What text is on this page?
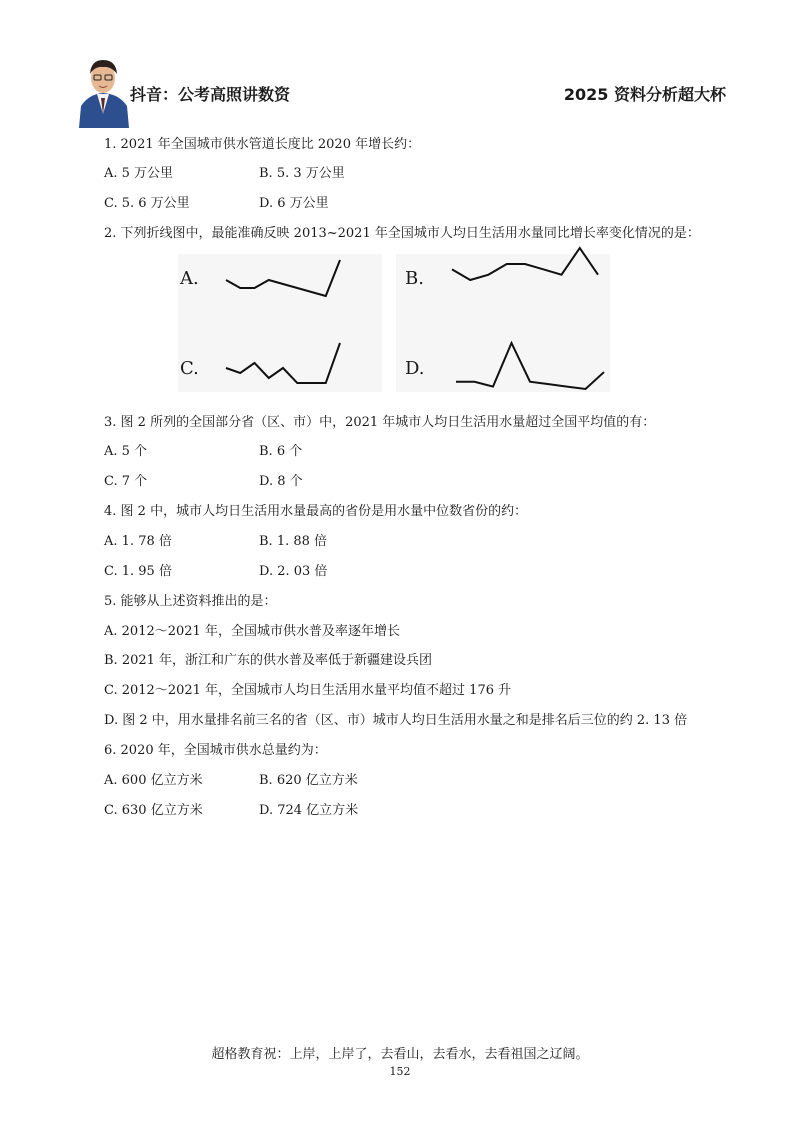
抖音：公考高照讲数资	2025 资料分析超大杯
1. 2021 年全国城市供水管道长度比 2020 年增长约：
A. 5 万公里	B. 5. 3 万公里
C. 5. 6 万公里	D. 6 万公里
2. 下列折线图中，最能准确反映 2013~2021 年全国城市人均日生活用水量同比增长率变化情况的是：
A.	B.
C.	D.
3. 图 2 所列的全国部分省（区、市）中，2021 年城市人均日生活用水量超过全国平均值的有：
A. 5 个	B. 6 个
C. 7 个	D. 8 个
4. 图 2 中，城市人均日生活用水量最高的省份是用水量中位数省份的约：
A. 1. 78 倍	B. 1. 88 倍
C. 1. 95 倍	D. 2. 03 倍
5. 能够从上述资料推出的是：
A. 2012～2021 年，全国城市供水普及率逐年增长
B. 2021 年，浙江和广东的供水普及率低于新疆建设兵团
C. 2012～2021 年，全国城市人均日生活用水量平均值不超过 176 升
D. 图 2 中，用水量排名前三名的省（区、市）城市人均日生活用水量之和是排名后三位的约 2. 13 倍
6. 2020 年，全国城市供水总量约为：
A. 600 亿立方米	B. 620 亿立方米
C. 630 亿立方米	D. 724 亿立方米
超格教育祝：上岸，上岸了，去看山，去看水，去看祖国之辽阔。
152
